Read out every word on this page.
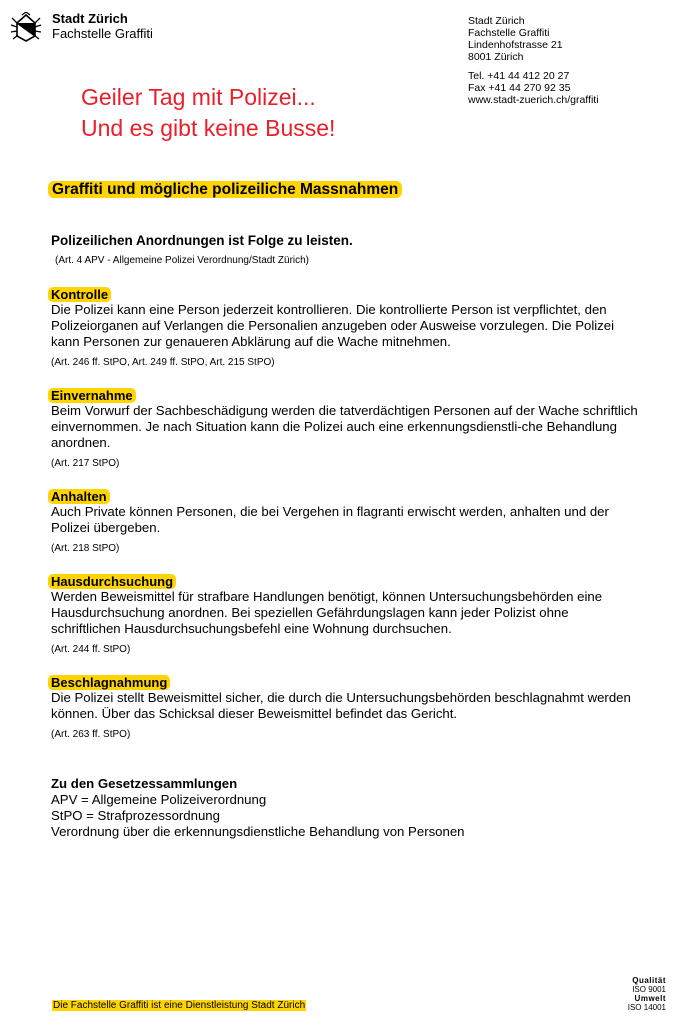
Stadt Zürich
Fachstelle Graffiti
Stadt Zürich
Fachstelle Graffiti
Lindenhofstrasse 21
8001 Zürich
Tel. +41 44 412 20 27
Fax +41 44 270 92 35
www.stadt-zuerich.ch/graffiti
Geiler Tag mit Polizei...
Und es gibt keine Busse!
Graffiti und mögliche polizeiliche Massnahmen
Polizeilichen Anordnungen ist Folge zu leisten.
(Art. 4 APV - Allgemeine Polizei Verordnung/Stadt Zürich)
Kontrolle

Die Polizei kann eine Person jederzeit kontrollieren. Die kontrollierte Person ist verpflichtet, den Polizeiorganen auf Verlangen die Personalien anzugeben oder Ausweise vorzulegen. Die Polizei kann Personen zur genaueren Abklärung auf die Wache mitnehmen.

(Art. 246 ff. StPO, Art. 249 ff. StPO, Art. 215 StPO)
Einvernahme

Beim Vorwurf der Sachbeschädigung werden die tatverdächtigen Personen auf der Wache schriftlich einvernommen. Je nach Situation kann die Polizei auch eine erkennungsdienstli-che Behandlung anordnen.

(Art. 217 StPO)
Anhalten

Auch Private können Personen, die bei Vergehen in flagranti erwischt werden, anhalten und der Polizei übergeben.

(Art. 218 StPO)
Hausdurchsuchung

Werden Beweismittel für strafbare Handlungen benötigt, können Untersuchungsbehörden eine Hausdurchsuchung anordnen. Bei speziellen Gefährdungslagen kann jeder Polizist ohne schriftlichen Hausdurchsuchungsbefehl eine Wohnung durchsuchen.

(Art. 244 ff. StPO)
Beschlagnahmung

Die Polizei stellt Beweismittel sicher, die durch die Untersuchungsbehörden beschlagnahmt werden können. Über das Schicksal dieser Beweismittel befindet das Gericht.

(Art. 263 ff. StPO)
Zu den Gesetzessammlungen
APV = Allgemeine Polizeiverordnung
StPO = Strafprozessordnung
Verordnung über die erkennungsdienstliche Behandlung von Personen
Die Fachstelle Graffiti ist eine Dienstleistung Stadt Zürich
Qualität
ISO 9001
Umwelt
ISO 14001
